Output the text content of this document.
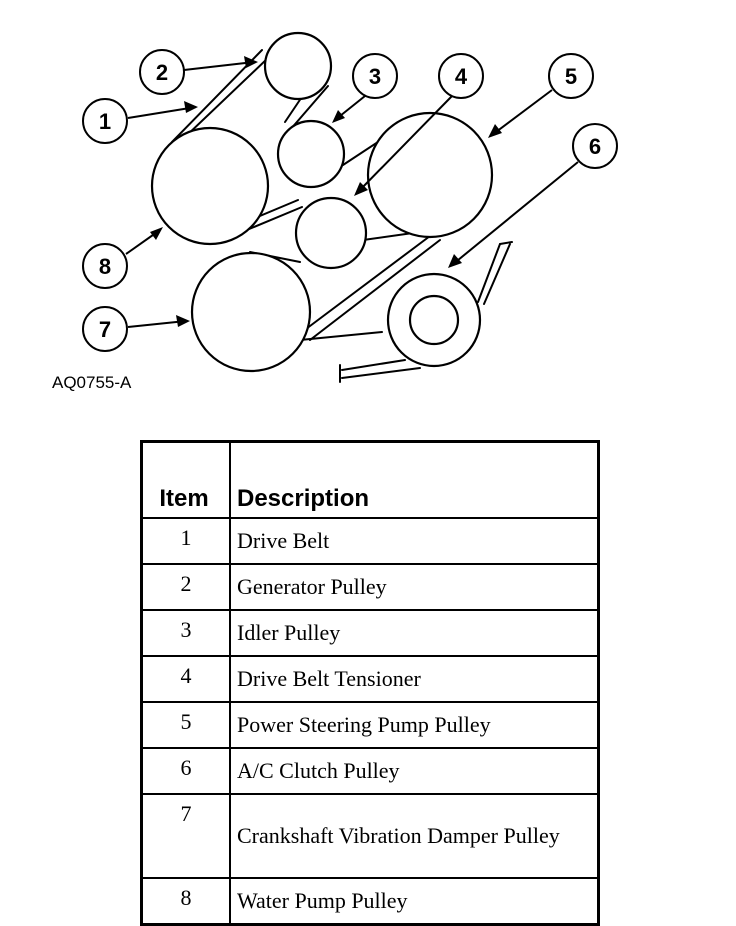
1
2	3	4	5
6
7
8
AQ0755-A
Item	Description
1	Drive Belt
2	Generator Pulley
3	Idler Pulley
4	Drive Belt Tensioner
5	Power Steering Pump Pulley
6	A/C Clutch Pulley
7	Crankshaft Vibration Damper Pulley
8	Water Pump Pulley
